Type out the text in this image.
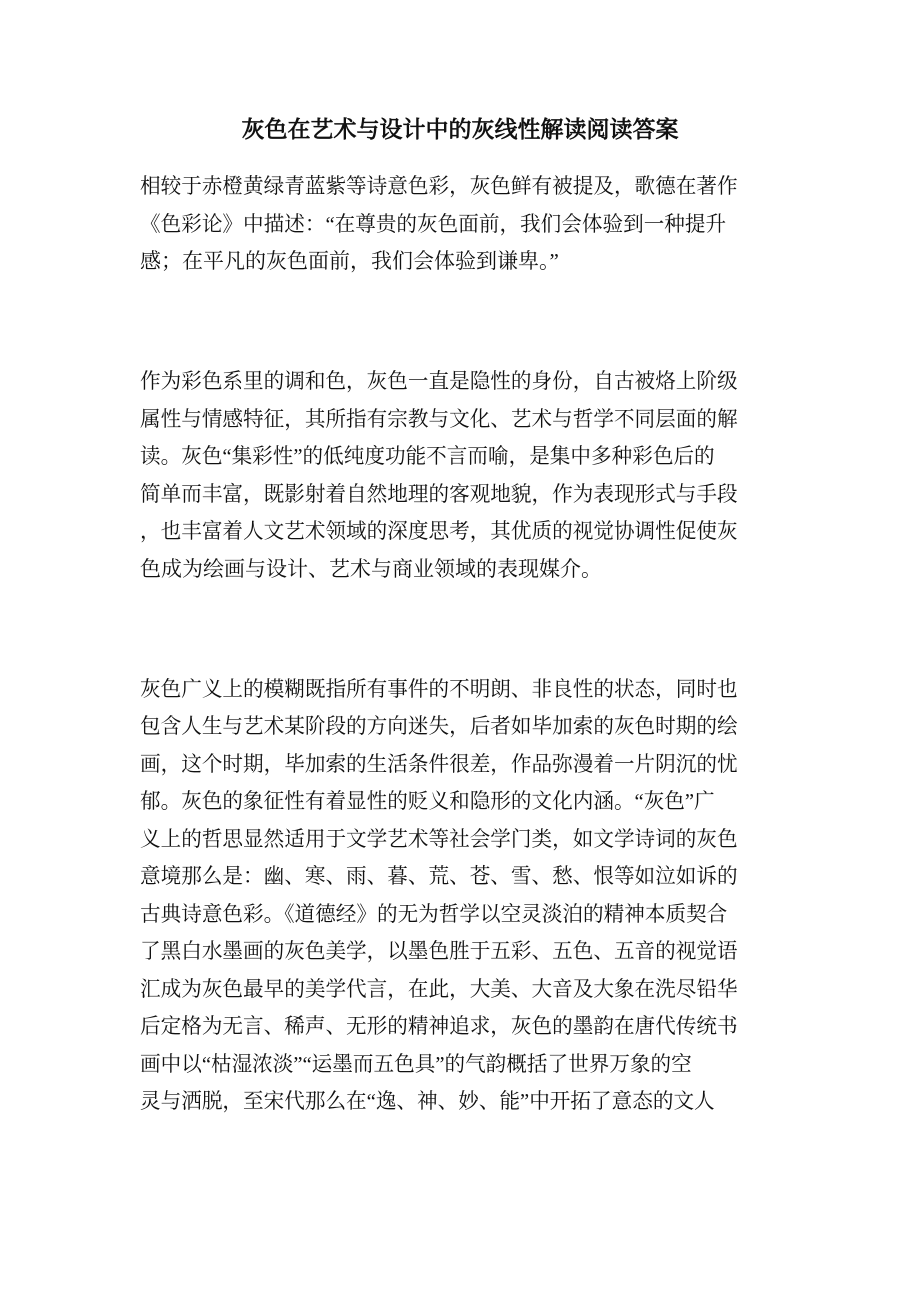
灰色在艺术与设计中的灰线性解读阅读答案
相较于赤橙黄绿青蓝紫等诗意色彩，灰色鲜有被提及，歌德在著作
《色彩论》中描述：“在尊贵的灰色面前，我们会体验到一种提升
感；在平凡的灰色面前，我们会体验到谦卑。”
作为彩色系里的调和色，灰色一直是隐性的身份，自古被烙上阶级
属性与情感特征，其所指有宗教与文化、艺术与哲学不同层面的解
读。灰色“集彩性”的低纯度功能不言而喻，是集中多种彩色后的
简单而丰富，既影射着自然地理的客观地貌，作为表现形式与手段
，也丰富着人文艺术领域的深度思考，其优质的视觉协调性促使灰
色成为绘画与设计、艺术与商业领域的表现媒介。
灰色广义上的模糊既指所有事件的不明朗、非良性的状态，同时也
包含人生与艺术某阶段的方向迷失，后者如毕加索的灰色时期的绘
画，这个时期，毕加索的生活条件很差，作品弥漫着一片阴沉的忧
郁。灰色的象征性有着显性的贬义和隐形的文化内涵。“灰色”广
义上的哲思显然适用于文学艺术等社会学门类，如文学诗词的灰色
意境那么是：幽、寒、雨、暮、荒、苍、雪、愁、恨等如泣如诉的
古典诗意色彩。《道德经》的无为哲学以空灵淡泊的精神本质契合
了黑白水墨画的灰色美学，以墨色胜于五彩、五色、五音的视觉语
汇成为灰色最早的美学代言，在此，大美、大音及大象在洗尽铅华
后定格为无言、稀声、无形的精神追求，灰色的墨韵在唐代传统书
画中以“枯湿浓淡”“运墨而五色具”的气韵概括了世界万象的空
灵与洒脱，至宋代那么在“逸、神、妙、能”中开拓了意态的文人
